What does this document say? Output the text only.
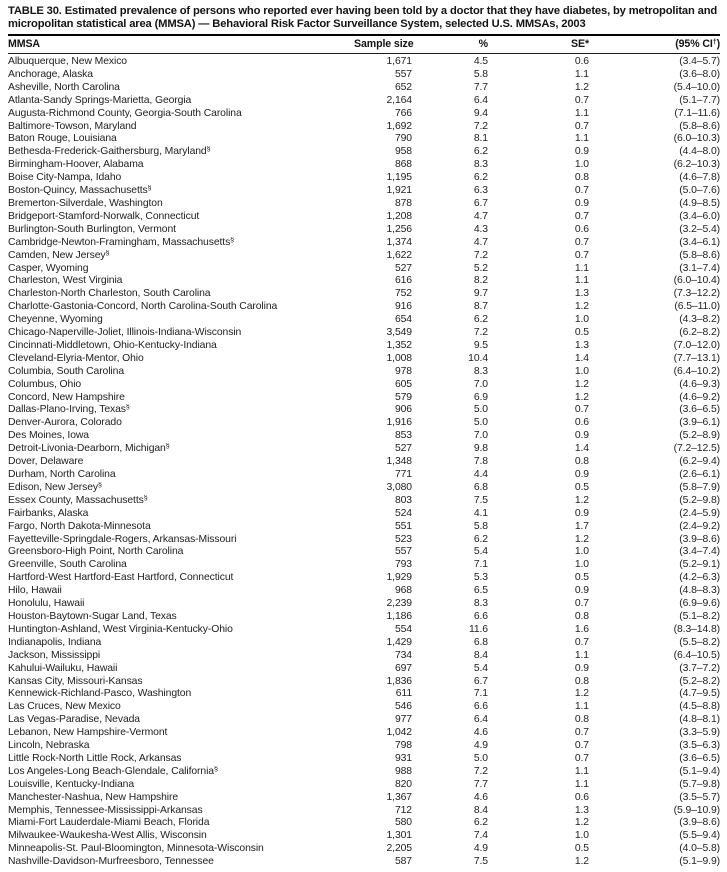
TABLE 30. Estimated prevalence of persons who reported ever having been told by a doctor that they have diabetes, by metropolitan and micropolitan statistical area (MMSA) — Behavioral Risk Factor Surveillance System, selected U.S. MMSAs, 2003
MMSA	Sample size	%	SE*	(95% CI†)
Albuquerque, New Mexico	1,671	4.5	0.6	(3.4–5.7)
Anchorage, Alaska	557	5.8	1.1	(3.6–8.0)
Asheville, North Carolina	652	7.7	1.2	(5.4–10.0)
Atlanta-Sandy Springs-Marietta, Georgia	2,164	6.4	0.7	(5.1–7.7)
Augusta-Richmond County, Georgia-South Carolina	766	9.4	1.1	(7.1–11.6)
Baltimore-Towson, Maryland	1,692	7.2	0.7	(5.8–8.6)
Baton Rouge, Louisiana	790	8.1	1.1	(6.0–10.3)
Bethesda-Frederick-Gaithersburg, Maryland§	958	6.2	0.9	(4.4–8.0)
Birmingham-Hoover, Alabama	868	8.3	1.0	(6.2–10.3)
Boise City-Nampa, Idaho	1,195	6.2	0.8	(4.6–7.8)
Boston-Quincy, Massachusetts§	1,921	6.3	0.7	(5.0–7.6)
Bremerton-Silverdale, Washington	878	6.7	0.9	(4.9–8.5)
Bridgeport-Stamford-Norwalk, Connecticut	1,208	4.7	0.7	(3.4–6.0)
Burlington-South Burlington, Vermont	1,256	4.3	0.6	(3.2–5.4)
Cambridge-Newton-Framingham, Massachusetts§	1,374	4.7	0.7	(3.4–6.1)
Camden, New Jersey§	1,622	7.2	0.7	(5.8–8.6)
Casper, Wyoming	527	5.2	1.1	(3.1–7.4)
Charleston, West Virginia	616	8.2	1.1	(6.0–10.4)
Charleston-North Charleston, South Carolina	752	9.7	1.3	(7.3–12.2)
Charlotte-Gastonia-Concord, North Carolina-South Carolina	916	8.7	1.2	(6.5–11.0)
Cheyenne, Wyoming	654	6.2	1.0	(4.3–8.2)
Chicago-Naperville-Joliet, Illinois-Indiana-Wisconsin	3,549	7.2	0.5	(6.2–8.2)
Cincinnati-Middletown, Ohio-Kentucky-Indiana	1,352	9.5	1.3	(7.0–12.0)
Cleveland-Elyria-Mentor, Ohio	1,008	10.4	1.4	(7.7–13.1)
Columbia, South Carolina	978	8.3	1.0	(6.4–10.2)
Columbus, Ohio	605	7.0	1.2	(4.6–9.3)
Concord, New Hampshire	579	6.9	1.2	(4.6–9.2)
Dallas-Plano-Irving, Texas§	906	5.0	0.7	(3.6–6.5)
Denver-Aurora, Colorado	1,916	5.0	0.6	(3.9–6.1)
Des Moines, Iowa	853	7.0	0.9	(5.2–8.9)
Detroit-Livonia-Dearborn, Michigan§	527	9.8	1.4	(7.2–12.5)
Dover, Delaware	1,348	7.8	0.8	(6.2–9.4)
Durham, North Carolina	771	4.4	0.9	(2.6–6.1)
Edison, New Jersey§	3,080	6.8	0.5	(5.8–7.9)
Essex County, Massachusetts§	803	7.5	1.2	(5.2–9.8)
Fairbanks, Alaska	524	4.1	0.9	(2.4–5.9)
Fargo, North Dakota-Minnesota	551	5.8	1.7	(2.4–9.2)
Fayetteville-Springdale-Rogers, Arkansas-Missouri	523	6.2	1.2	(3.9–8.6)
Greensboro-High Point, North Carolina	557	5.4	1.0	(3.4–7.4)
Greenville, South Carolina	793	7.1	1.0	(5.2–9.1)
Hartford-West Hartford-East Hartford, Connecticut	1,929	5.3	0.5	(4.2–6.3)
Hilo, Hawaii	968	6.5	0.9	(4.8–8.3)
Honolulu, Hawaii	2,239	8.3	0.7	(6.9–9.6)
Houston-Baytown-Sugar Land, Texas	1,186	6.6	0.8	(5.1–8.2)
Huntington-Ashland, West Virginia-Kentucky-Ohio	554	11.6	1.6	(8.3–14.8)
Indianapolis, Indiana	1,429	6.8	0.7	(5.5–8.2)
Jackson, Mississippi	734	8.4	1.1	(6.4–10.5)
Kahului-Wailuku, Hawaii	697	5.4	0.9	(3.7–7.2)
Kansas City, Missouri-Kansas	1,836	6.7	0.8	(5.2–8.2)
Kennewick-Richland-Pasco, Washington	611	7.1	1.2	(4.7–9.5)
Las Cruces, New Mexico	546	6.6	1.1	(4.5–8.8)
Las Vegas-Paradise, Nevada	977	6.4	0.8	(4.8–8.1)
Lebanon, New Hampshire-Vermont	1,042	4.6	0.7	(3.3–5.9)
Lincoln, Nebraska	798	4.9	0.7	(3.5–6.3)
Little Rock-North Little Rock, Arkansas	931	5.0	0.7	(3.6–6.5)
Los Angeles-Long Beach-Glendale, California§	988	7.2	1.1	(5.1–9.4)
Louisville, Kentucky-Indiana	820	7.7	1.1	(5.7–9.8)
Manchester-Nashua, New Hampshire	1,367	4.6	0.6	(3.5–5.7)
Memphis, Tennessee-Mississippi-Arkansas	712	8.4	1.3	(5.9–10.9)
Miami-Fort Lauderdale-Miami Beach, Florida	580	6.2	1.2	(3.9–8.6)
Milwaukee-Waukesha-West Allis, Wisconsin	1,301	7.4	1.0	(5.5–9.4)
Minneapolis-St. Paul-Bloomington, Minnesota-Wisconsin	2,205	4.9	0.5	(4.0–5.8)
Nashville-Davidson-Murfreesboro, Tennessee	587	7.5	1.2	(5.1–9.9)
